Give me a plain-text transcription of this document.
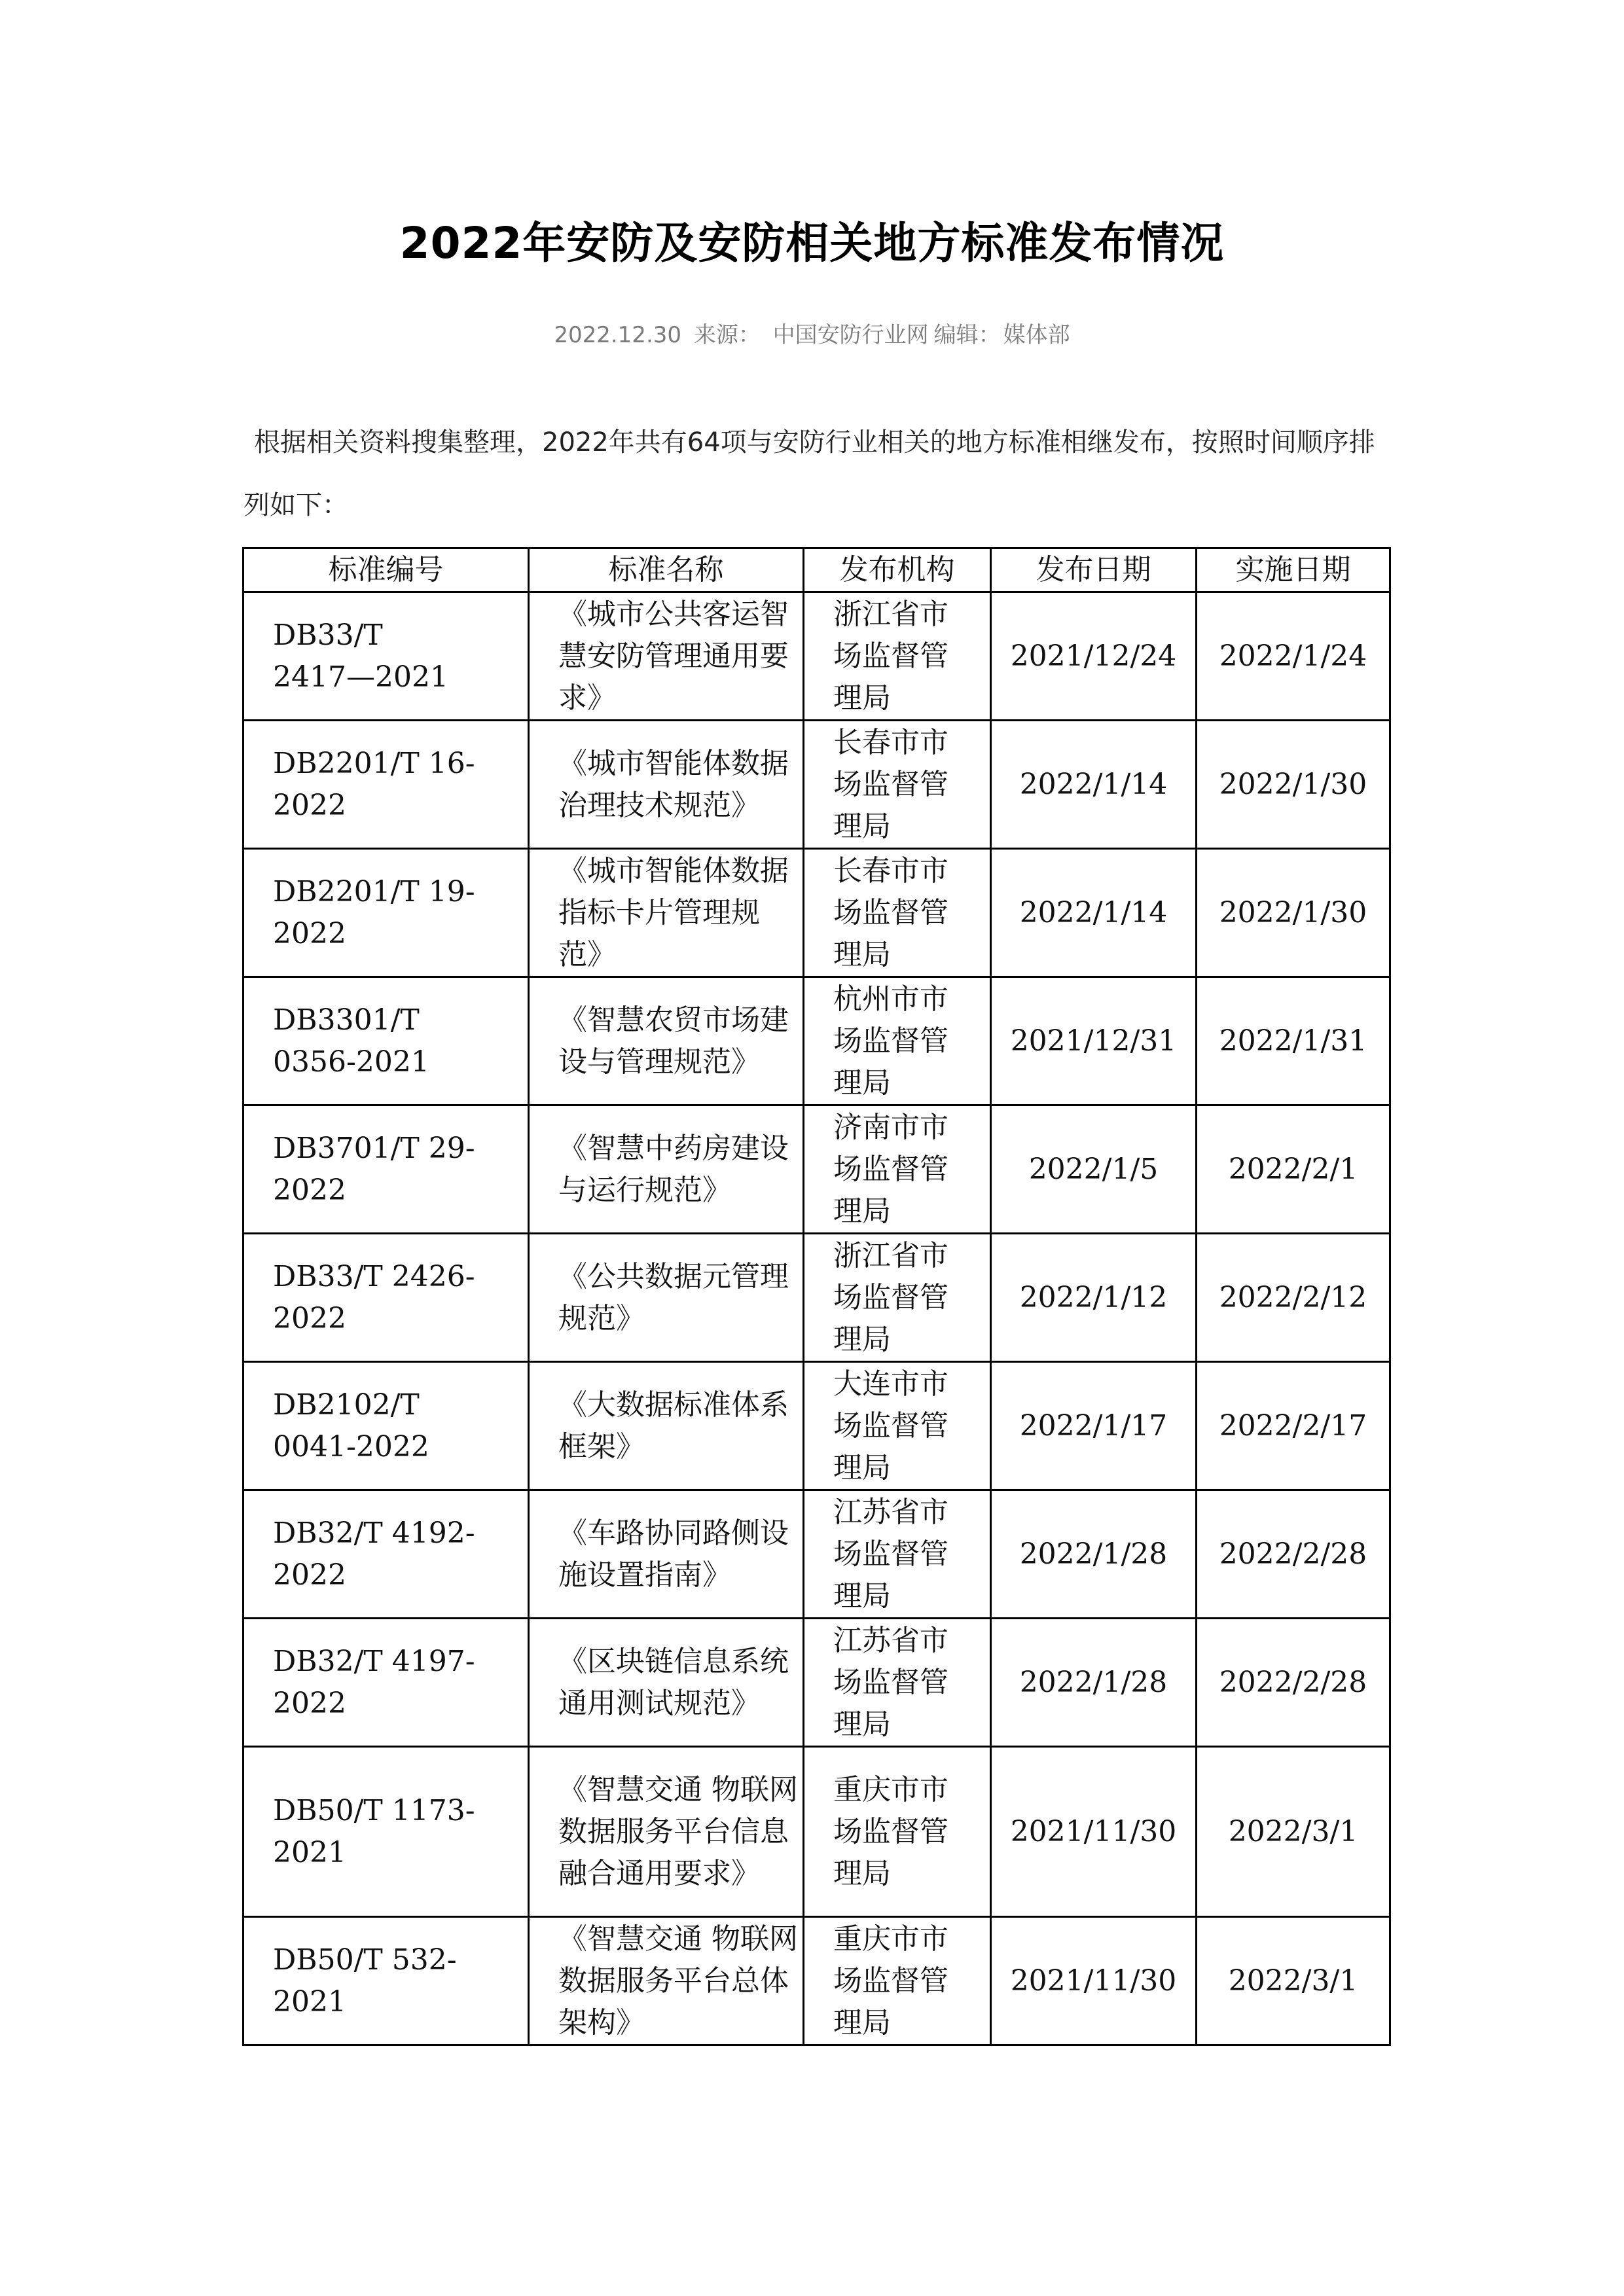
2022年安防及安防相关地方标准发布情况
2022.12.30 来源： 中国安防行业网 编辑： 媒体部

根据相关资料搜集整理，2022年共有64项与安防行业相关的地方标准相继发布，按照时间顺序排列如下：

标准编号	标准名称	发布机构	发布日期	实施日期
DB33/T
2417—2021	《城市公共客运智慧安防管理通用要求》	浙江省市场监督管理局	2021/12/24	2022/1/24
DB2201/T 16-2022	《城市智能体数据治理技术规范》	长春市市场监督管理局	2022/1/14	2022/1/30
DB2201/T 19-2022	《城市智能体数据指标卡片管理规范》	长春市市场监督管理局	2022/1/14	2022/1/30
DB3301/T
0356-2021	《智慧农贸市场建设与管理规范》	杭州市市场监督管理局	2021/12/31	2022/1/31
DB3701/T 29-2022	《智慧中药房建设与运行规范》	济南市市场监督管理局	2022/1/5	2022/2/1
DB33/T 2426-2022	《公共数据元管理规范》	浙江省市场监督管理局	2022/1/12	2022/2/12
DB2102/T
0041-2022	《大数据标准体系框架》	大连市市场监督管理局	2022/1/17	2022/2/17
DB32/T 4192-2022	《车路协同路侧设施设置指南》	江苏省市场监督管理局	2022/1/28	2022/2/28
DB32/T 4197-2022	《区块链信息系统通用测试规范》	江苏省市场监督管理局	2022/1/28	2022/2/28
DB50/T 1173-2021	《智慧交通 物联网数据服务平台信息融合通用要求》	重庆市市场监督管理局	2021/11/30	2022/3/1
DB50/T 532-2021	《智慧交通 物联网数据服务平台总体架构》	重庆市市场监督管理局	2021/11/30	2022/3/1
